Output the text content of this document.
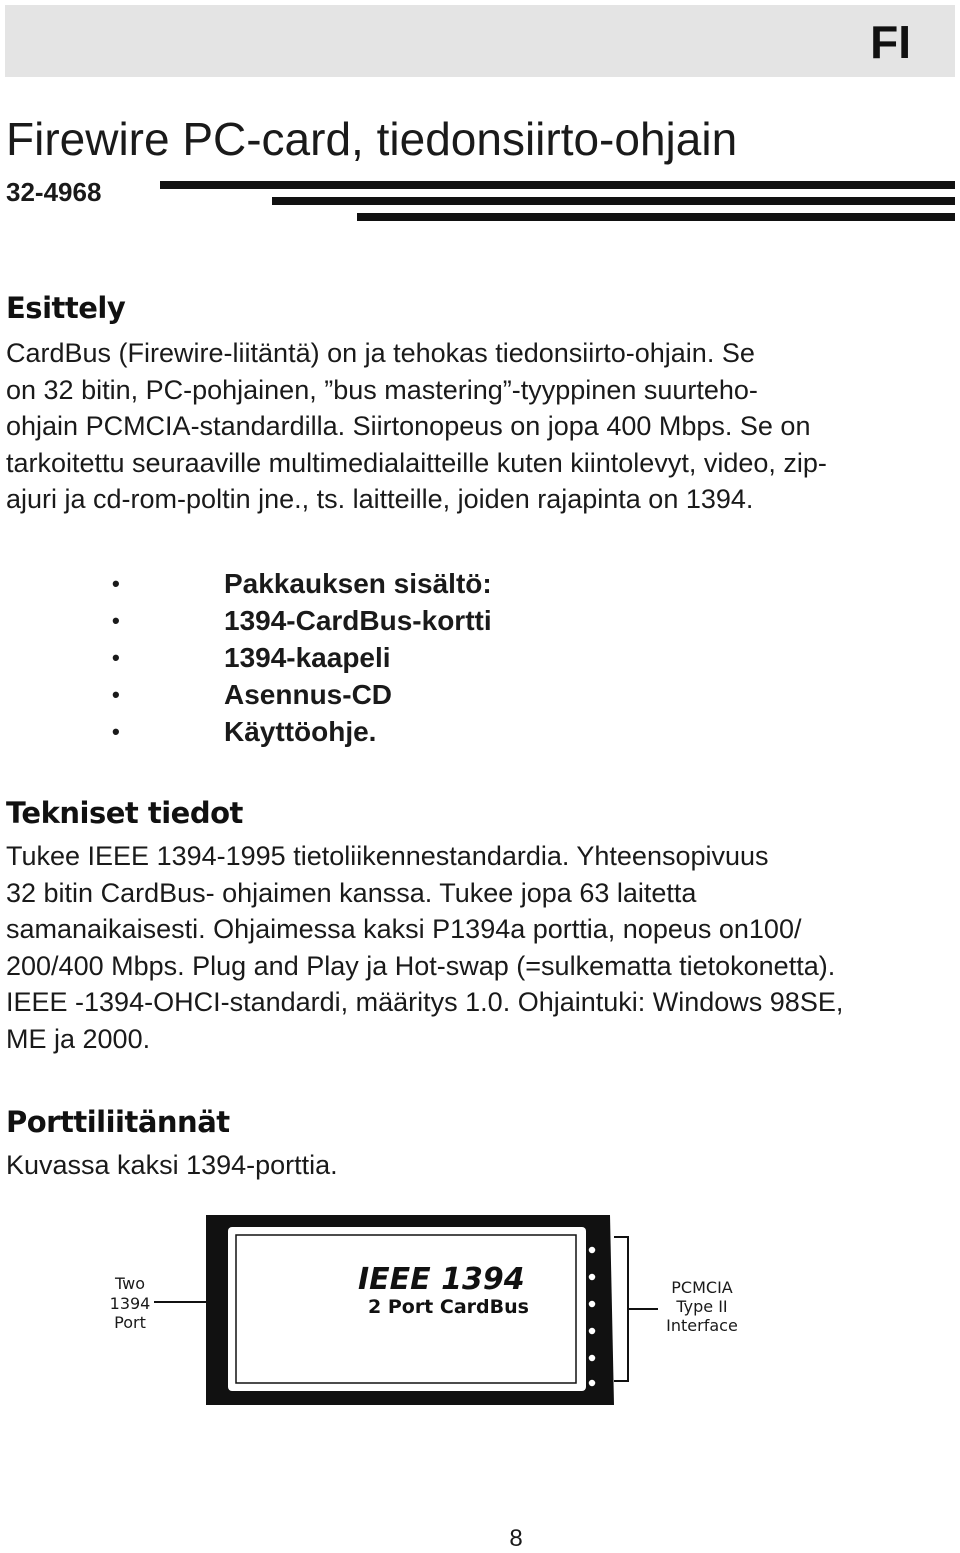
FI
Firewire PC-card, tiedonsiirto-ohjain
32-4968
Esittely
CardBus (Firewire-liitäntä) on ja tehokas tiedonsiirto-ohjain. Se
on 32 bitin, PC-pohjainen, ”bus mastering”-tyyppinen suurteho-
ohjain PCMCIA-standardilla. Siirtonopeus on jopa 400 Mbps. Se on
tarkoitettu seuraaville multimedialaitteille kuten kiintolevyt, video, zip-
ajuri ja cd-rom-poltin jne., ts. laitteille, joiden rajapinta on 1394.
•	Pakkauksen sisältö:
•	1394-CardBus-kortti
•	1394-kaapeli
•	Asennus-CD
•	Käyttöohje.
Tekniset tiedot
Tukee IEEE 1394-1995 tietoliikennestandardia. Yhteensopivuus
32 bitin CardBus- ohjaimen kanssa. Tukee jopa 63 laitetta
samanaikaisesti. Ohjaimessa kaksi P1394a porttia, nopeus on100/
200/400 Mbps. Plug and Play ja Hot-swap (=sulkematta tietokonetta).
IEEE -1394-OHCI-standardi, määritys 1.0. Ohjaintuki: Windows 98SE,
ME ja 2000.
Porttiliitännät
Kuvassa kaksi 1394-porttia.
Two
1394
Port
IEEE 1394
2 Port CardBus
PCMCIA
Type II
Interface
8
